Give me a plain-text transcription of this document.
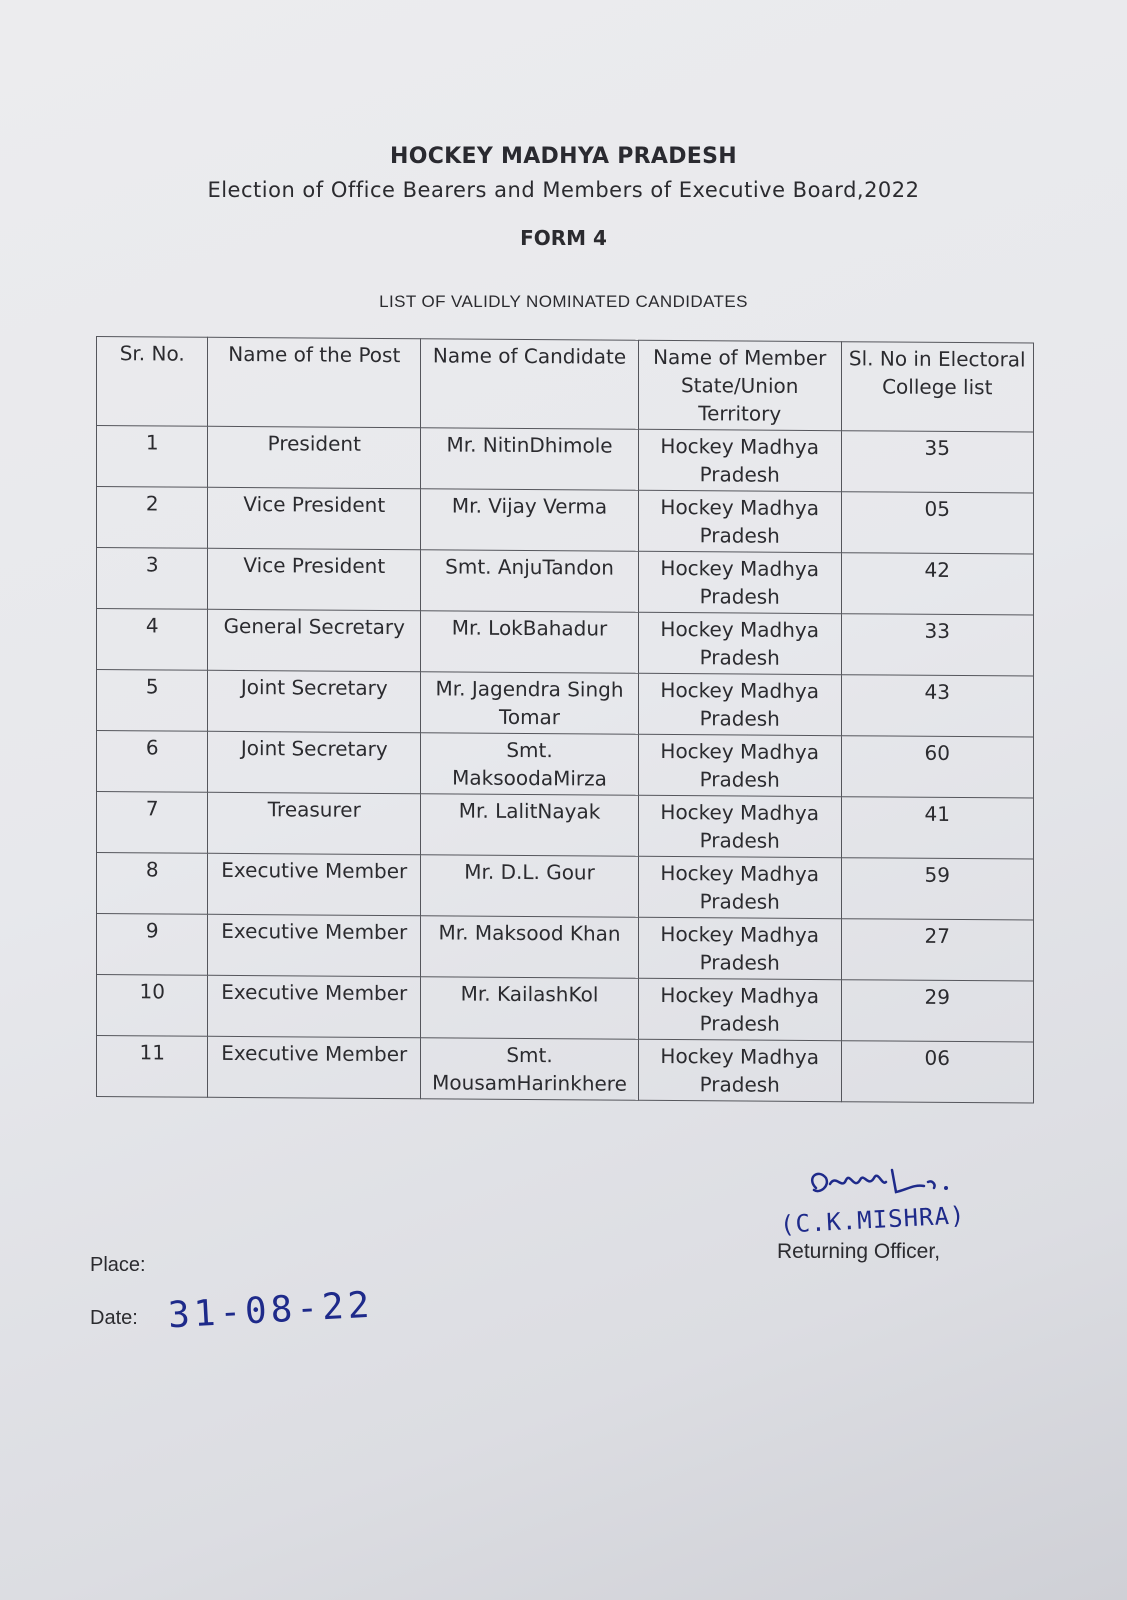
HOCKEY MADHYA PRADESH
Election of Office Bearers and Members of Executive Board,2022
FORM 4
LIST OF VALIDLY NOMINATED CANDIDATES
Sr. No.	Name of the Post	Name of Candidate	Name of Member State/Union Territory	Sl. No in Electoral College list
1	President	Mr. NitinDhimole	Hockey Madhya Pradesh	35
2	Vice President	Mr. Vijay Verma	Hockey Madhya Pradesh	05
3	Vice President	Smt. AnjuTandon	Hockey Madhya Pradesh	42
4	General Secretary	Mr. LokBahadur	Hockey Madhya Pradesh	33
5	Joint Secretary	Mr. Jagendra Singh Tomar	Hockey Madhya Pradesh	43
6	Joint Secretary	Smt. MaksoodaMirza	Hockey Madhya Pradesh	60
7	Treasurer	Mr. LalitNayak	Hockey Madhya Pradesh	41
8	Executive Member	Mr. D.L. Gour	Hockey Madhya Pradesh	59
9	Executive Member	Mr. Maksood Khan	Hockey Madhya Pradesh	27
10	Executive Member	Mr. KailashKol	Hockey Madhya Pradesh	29
11	Executive Member	Smt. MousamHarinkhere	Hockey Madhya Pradesh	06
Place:
Date: 31-08-22
(C.K.MISHRA)
Returning Officer,
